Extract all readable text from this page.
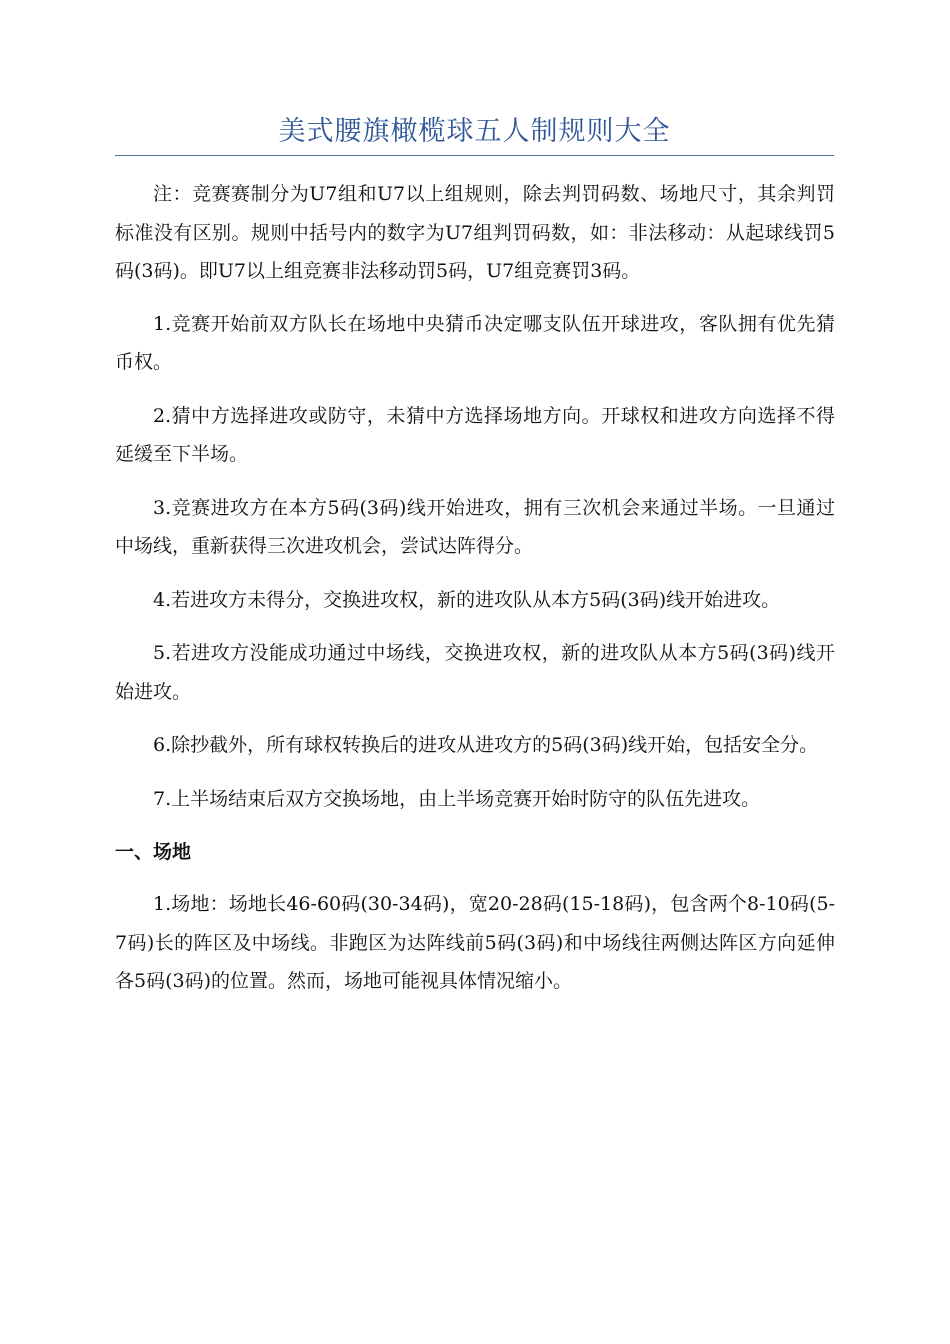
美式腰旗橄榄球五人制规则大全

注：竞赛赛制分为U7组和U7以上组规则，除去判罚码数、场地尺寸，其余判罚标准没有区别。规则中括号内的数字为U7组判罚码数，如：非法移动：从起球线罚5码(3码)。即U7以上组竞赛非法移动罚5码，U7组竞赛罚3码。

1.竞赛开始前双方队长在场地中央猜币决定哪支队伍开球进攻，客队拥有优先猜币权。

2.猜中方选择进攻或防守，未猜中方选择场地方向。开球权和进攻方向选择不得延缓至下半场。

3.竞赛进攻方在本方5码(3码)线开始进攻，拥有三次机会来通过半场。一旦通过中场线，重新获得三次进攻机会，尝试达阵得分。

4.若进攻方未得分，交换进攻权，新的进攻队从本方5码(3码)线开始进攻。

5.若进攻方没能成功通过中场线，交换进攻权，新的进攻队从本方5码(3码)线开始进攻。

6.除抄截外，所有球权转换后的进攻从进攻方的5码(3码)线开始，包括安全分。

7.上半场结束后双方交换场地，由上半场竞赛开始时防守的队伍先进攻。

一、场地

1.场地：场地长46-60码(30-34码)，宽20-28码(15-18码)，包含两个8-10码(5-7码)长的阵区及中场线。非跑区为达阵线前5码(3码)和中场线往两侧达阵区方向延伸各5码(3码)的位置。然而，场地可能视具体情况缩小。
